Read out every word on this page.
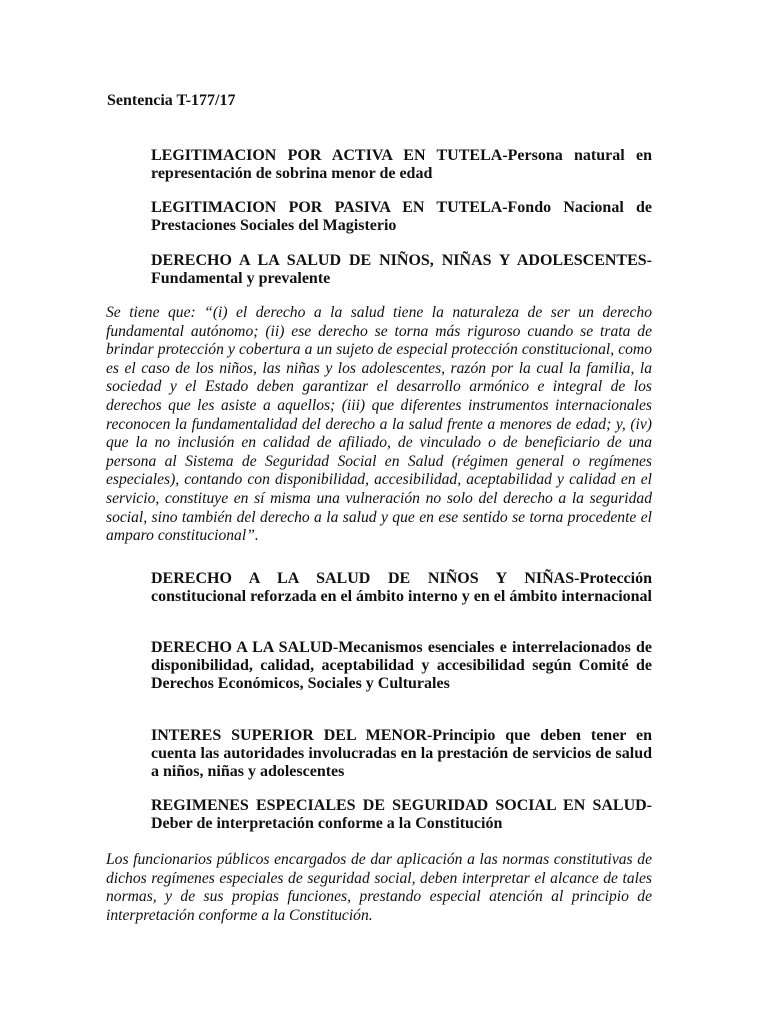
Sentencia T-177/17

LEGITIMACION POR ACTIVA EN TUTELA-Persona natural en representación de sobrina menor de edad

LEGITIMACION POR PASIVA EN TUTELA-Fondo Nacional de Prestaciones Sociales del Magisterio

DERECHO A LA SALUD DE NIÑOS, NIÑAS Y ADOLESCENTES-Fundamental y prevalente

Se tiene que: “(i) el derecho a la salud tiene la naturaleza de ser un derecho fundamental autónomo; (ii) ese derecho se torna más riguroso cuando se trata de brindar protección y cobertura a un sujeto de especial protección constitucional, como es el caso de los niños, las niñas y los adolescentes, razón por la cual la familia, la sociedad y el Estado deben garantizar el desarrollo armónico e integral de los derechos que les asiste a aquellos; (iii) que diferentes instrumentos internacionales reconocen la fundamentalidad del derecho a la salud frente a menores de edad; y, (iv) que la no inclusión en calidad de afiliado, de vinculado o de beneficiario de una persona al Sistema de Seguridad Social en Salud (régimen general o regímenes especiales), contando con disponibilidad, accesibilidad, aceptabilidad y calidad en el servicio, constituye en sí misma una vulneración no solo del derecho a la seguridad social, sino también del derecho a la salud y que en ese sentido se torna procedente el amparo constitucional”.

DERECHO A LA SALUD DE NIÑOS Y NIÑAS-Protección constitucional reforzada en el ámbito interno y en el ámbito internacional

DERECHO A LA SALUD-Mecanismos esenciales e interrelacionados de disponibilidad, calidad, aceptabilidad y accesibilidad según Comité de Derechos Económicos, Sociales y Culturales

INTERES SUPERIOR DEL MENOR-Principio que deben tener en cuenta las autoridades involucradas en la prestación de servicios de salud a niños, niñas y adolescentes

REGIMENES ESPECIALES DE SEGURIDAD SOCIAL EN SALUD-Deber de interpretación conforme a la Constitución

Los funcionarios públicos encargados de dar aplicación a las normas constitutivas de dichos regímenes especiales de seguridad social, deben interpretar el alcance de tales normas, y de sus propias funciones, prestando especial atención al principio de interpretación conforme a la Constitución.
